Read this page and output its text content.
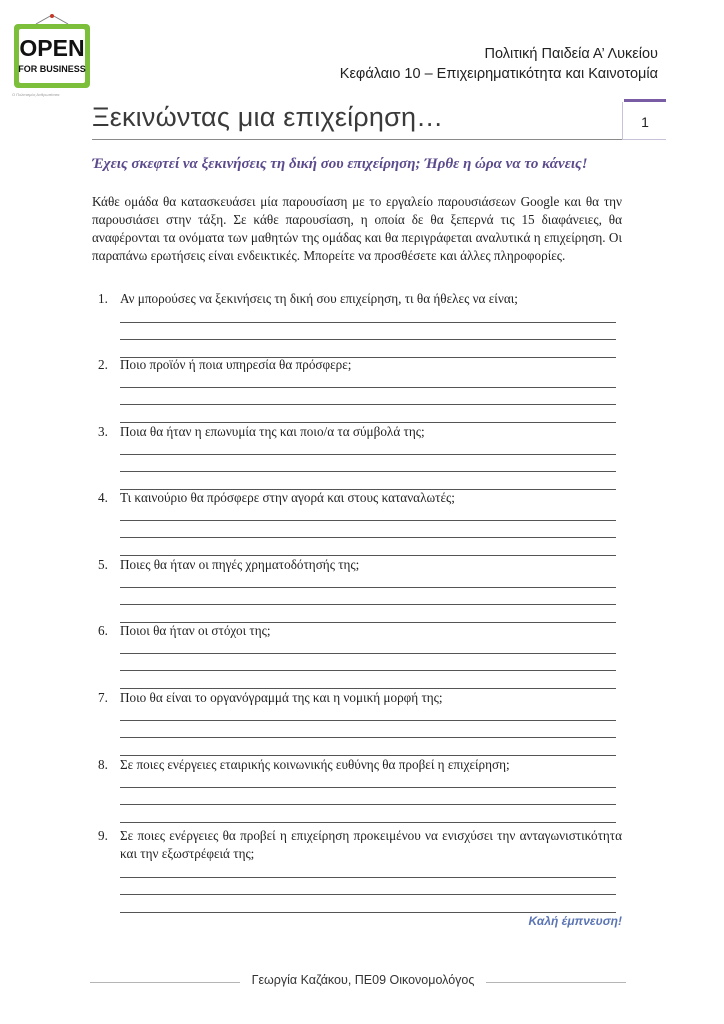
OPEN
FOR BUSINESS
Ο Πολιτισμός Ανθρωπίσσα
Πολιτική Παιδεία Α’ Λυκείου
Κεφάλαιο 10 – Επιχειρηματικότητα και Καινοτομία
Ξεκινώντας μια επιχείρηση…	1
Έχεις σκεφτεί να ξεκινήσεις τη δική σου επιχείρηση; Ήρθε η ώρα να το κάνεις!
Κάθε ομάδα θα κατασκευάσει μία παρουσίαση με το εργαλείο παρουσιάσεων Google και θα την παρουσιάσει στην τάξη. Σε κάθε παρουσίαση, η οποία δε θα ξεπερνά τις 15 διαφάνειες, θα αναφέρονται τα ονόματα των μαθητών της ομάδας και θα περιγράφεται αναλυτικά η επιχείρηση. Οι παραπάνω ερωτήσεις είναι ενδεικτικές. Μπορείτε να προσθέσετε και άλλες πληροφορίες.
1. Αν μπορούσες να ξεκινήσεις τη δική σου επιχείρηση, τι θα ήθελες να είναι;
2. Ποιο προϊόν ή ποια υπηρεσία θα πρόσφερε;
3. Ποια θα ήταν η επωνυμία της και ποιο/α τα σύμβολά της;
4. Τι καινούριο θα πρόσφερε στην αγορά και στους καταναλωτές;
5. Ποιες θα ήταν οι πηγές χρηματοδότησής της;
6. Ποιοι θα ήταν οι στόχοι της;
7. Ποιο θα είναι το οργανόγραμμά της και η νομική μορφή της;
8. Σε ποιες ενέργειες εταιρικής κοινωνικής ευθύνης θα προβεί η επιχείρηση;
9. Σε ποιες ενέργειες θα προβεί η επιχείρηση προκειμένου να ενισχύσει την ανταγωνιστικότητα και την εξωστρέφειά της;
Καλή έμπνευση!
Γεωργία Καζάκου, ΠΕ09 Οικονομολόγος
